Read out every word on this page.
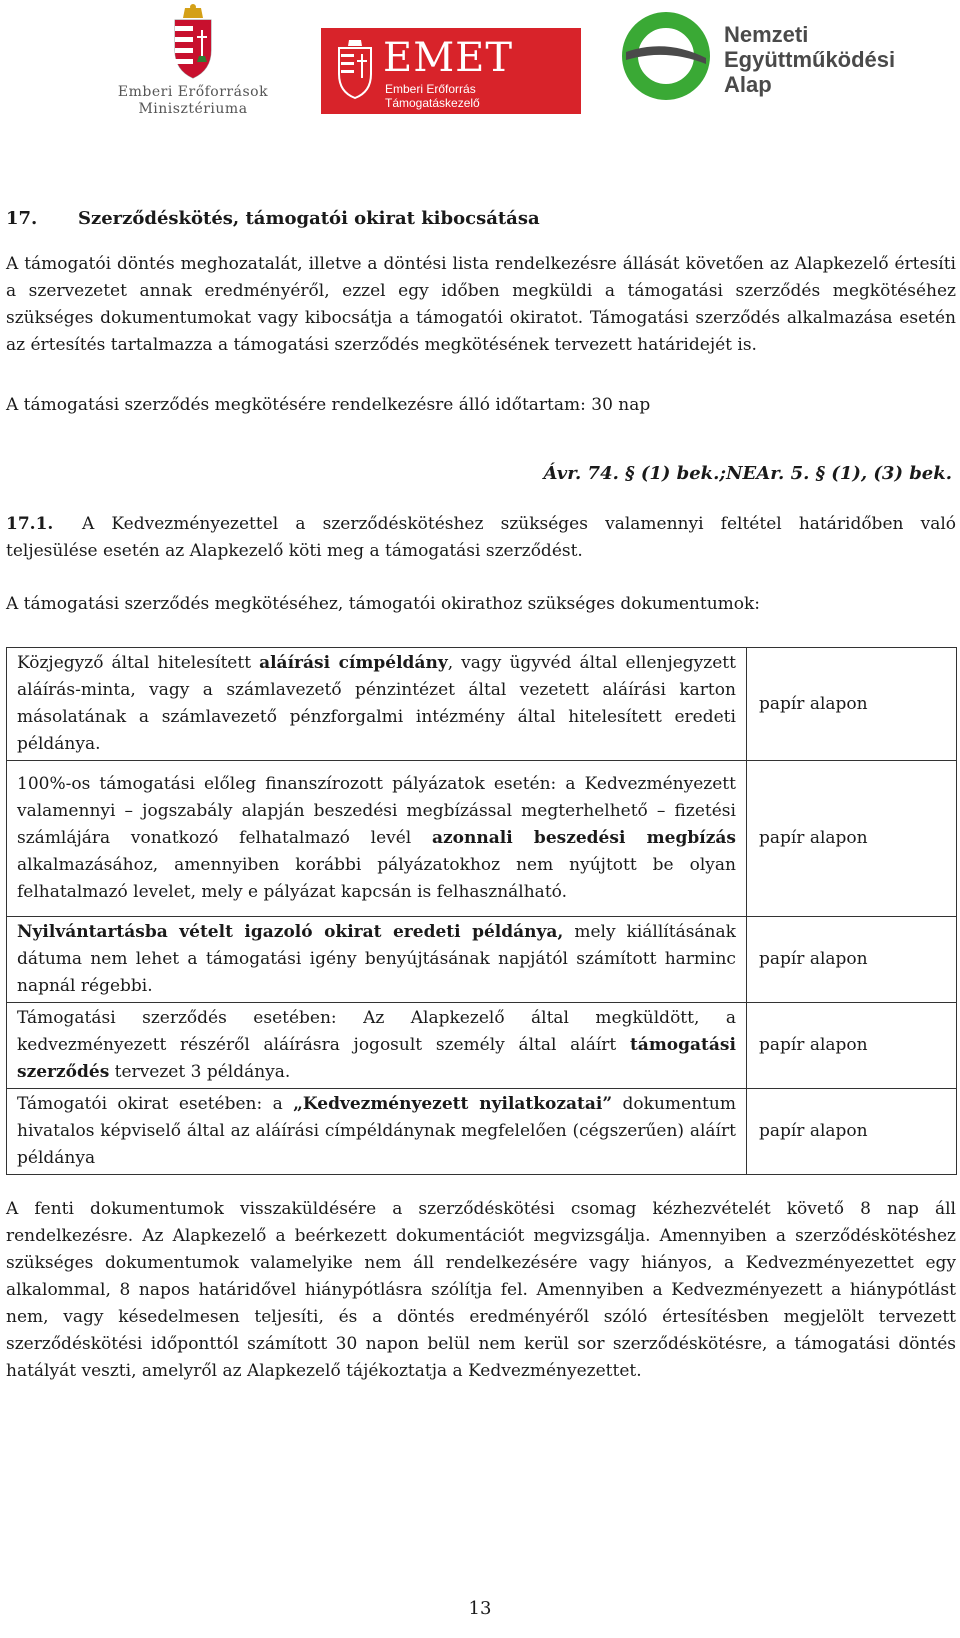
Emberi Erőforrások
Minisztériuma
EMET
Emberi Erőforrás
Támogatáskezelő
Nemzeti
Együttműködési
Alap
17. Szerződéskötés, támogatói okirat kibocsátása

A támogatói döntés meghozatalát, illetve a döntési lista rendelkezésre állását követően az Alapkezelő értesíti a szervezetet annak eredményéről, ezzel egy időben megküldi a támogatási szerződés megkötéséhez szükséges dokumentumokat vagy kibocsátja a támogatói okiratot. Támogatási szerződés alkalmazása esetén az értesítés tartalmazza a támogatási szerződés megkötésének tervezett határidejét is.

A támogatási szerződés megkötésére rendelkezésre álló időtartam: 30 nap

Ávr. 74. § (1) bek.;NEAr. 5. § (1), (3) bek.

17.1. A Kedvezményezettel a szerződéskötéshez szükséges valamennyi feltétel határidőben való teljesülése esetén az Alapkezelő köti meg a támogatási szerződést.

A támogatási szerződés megkötéséhez, támogatói okirathoz szükséges dokumentumok:

Közjegyző által hitelesített aláírási címpéldány, vagy ügyvéd által ellenjegyzett aláírás-minta, vagy a számlavezető pénzintézet által vezetett aláírási karton másolatának a számlavezető pénzforgalmi intézmény által hitelesített eredeti példánya.	papír alapon
100%-os támogatási előleg finanszírozott pályázatok esetén: a Kedvezményezett valamennyi – jogszabály alapján beszedési megbízással megterhelhető – fizetési számlájára vonatkozó felhatalmazó levél azonnali beszedési megbízás alkalmazásához, amennyiben korábbi pályázatokhoz nem nyújtott be olyan felhatalmazó levelet, mely e pályázat kapcsán is felhasználható.	papír alapon
Nyilvántartásba vételt igazoló okirat eredeti példánya, mely kiállításának dátuma nem lehet a támogatási igény benyújtásának napjától számított harminc napnál régebbi.	papír alapon
Támogatási szerződés esetében: Az Alapkezelő által megküldött, a kedvezményezett részéről aláírásra jogosult személy által aláírt támogatási szerződés tervezet 3 példánya.	papír alapon
Támogatói okirat esetében: a „Kedvezményezett nyilatkozatai” dokumentum hivatalos képviselő által az aláírási címpéldánynak megfelelően (cégszerűen) aláírt példánya	papír alapon

A fenti dokumentumok visszaküldésére a szerződéskötési csomag kézhezvételét követő 8 nap áll rendelkezésre. Az Alapkezelő a beérkezett dokumentációt megvizsgálja. Amennyiben a szerződéskötéshez szükséges dokumentumok valamelyike nem áll rendelkezésére vagy hiányos, a Kedvezményezettet egy alkalommal, 8 napos határidővel hiánypótlásra szólítja fel. Amennyiben a Kedvezményezett a hiánypótlást nem, vagy késedelmesen teljesíti, és a döntés eredményéről szóló értesítésben megjelölt tervezett szerződéskötési időponttól számított 30 napon belül nem kerül sor szerződéskötésre, a támogatási döntés hatályát veszti, amelyről az Alapkezelő tájékoztatja a Kedvezményezettet.

13
